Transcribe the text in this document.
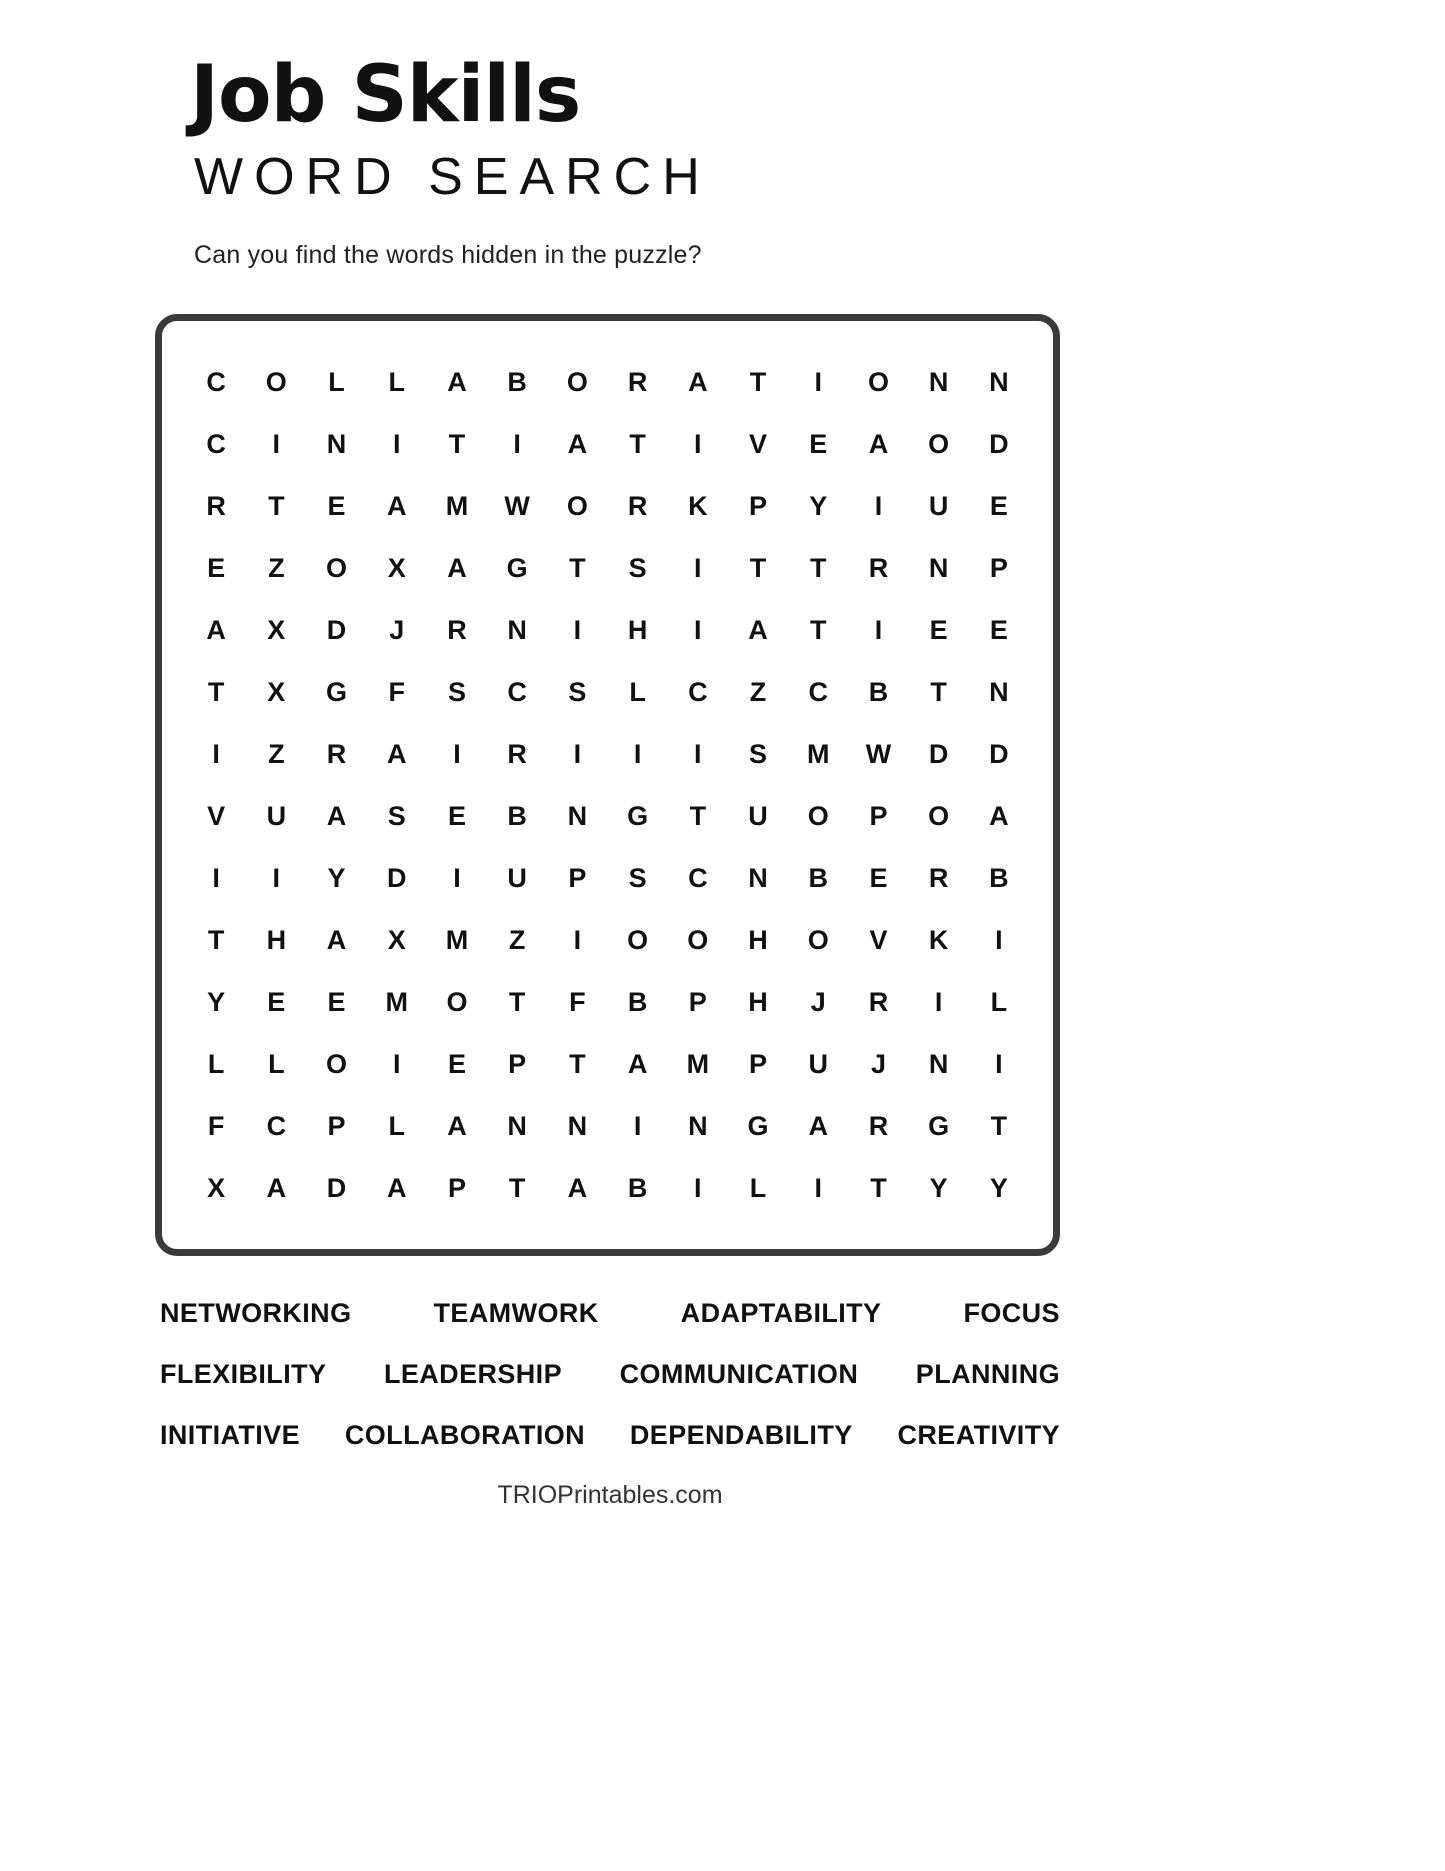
Job Skills
WORD SEARCH
Can you find the words hidden in the puzzle?
C	O	L	L	A	B	O	R	A	T	I	O	N	N
C	I	N	I	T	I	A	T	I	V	E	A	O	D
R	T	E	A	M	W	O	R	K	P	Y	I	U	E
E	Z	O	X	A	G	T	S	I	T	T	R	N	P
A	X	D	J	R	N	I	H	I	A	T	I	E	E
T	X	G	F	S	C	S	L	C	Z	C	B	T	N
I	Z	R	A	I	R	I	I	I	S	M	W	D	D
V	U	A	S	E	B	N	G	T	U	O	P	O	A
I	I	Y	D	I	U	P	S	C	N	B	E	R	B
T	H	A	X	M	Z	I	O	O	H	O	V	K	I
Y	E	E	M	O	T	F	B	P	H	J	R	I	L
L	L	O	I	E	P	T	A	M	P	U	J	N	I
F	C	P	L	A	N	N	I	N	G	A	R	G	T
X	A	D	A	P	T	A	B	I	L	I	T	Y	Y
NETWORKING	TEAMWORK	ADAPTABILITY	FOCUS
FLEXIBILITY LEADERSHIP COMMUNICATION PLANNING
INITIATIVE COLLABORATION DEPENDABILITY CREATIVITY
TRIOPrintables.com
